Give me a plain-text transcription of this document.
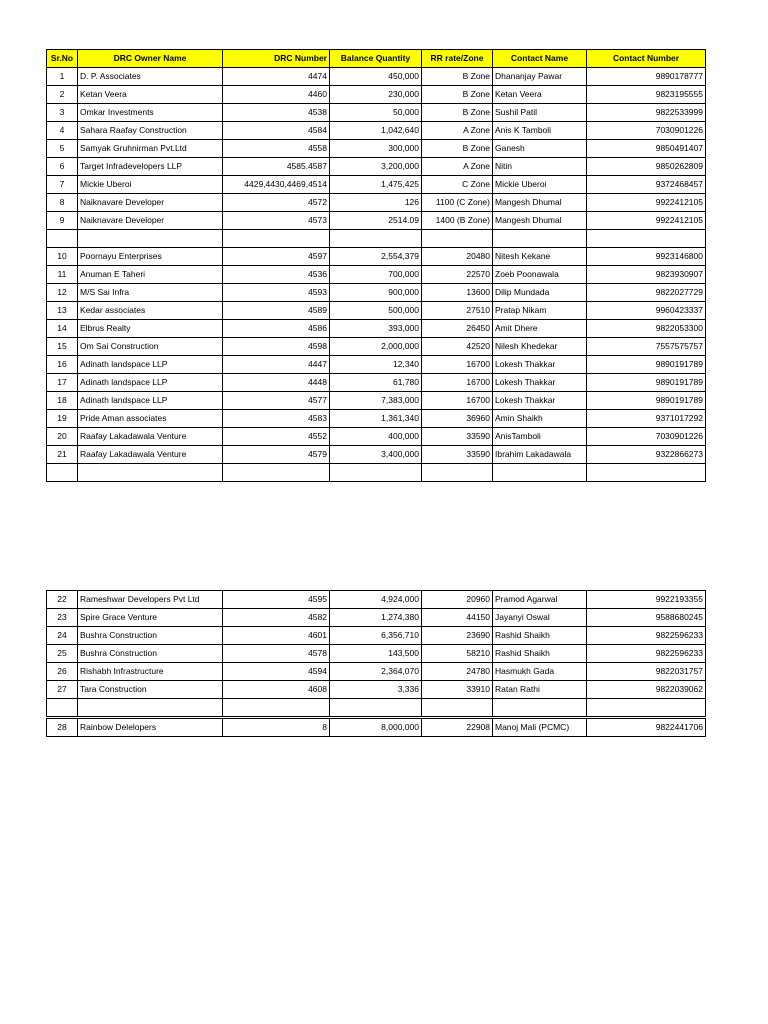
Sr.No	DRC Owner Name	DRC Number	Balance Quantity	RR rate/Zone	Contact Name	Contact Number
1	D. P. Associates	4474	450,000	B Zone	Dhananjay Pawar	9890178777
2	Ketan Veera	4460	230,000	B Zone	Ketan Veera	9823195555
3	Omkar Investments	4538	50,000	B Zone	Sushil Patil	9822533999
4	Sahara Raafay Construction	4584	1,042,640	A Zone	Anis K Tamboli	7030901226
5	Samyak Gruhnirman Pvt.Ltd	4558	300,000	B Zone	Ganesh	9850491407
6	Target Infradevelopers LLP	4585.4587	3,200,000	A Zone	Nitin	9850262809
7	Mickie Uberoi	4429,4430,4469,4514	1,475,425	C Zone	Mickie Uberoi	9372468457
8	Naiknavare Developer	4572	126	1100 (C Zone)	Mangesh Dhumal	9922412105
9	Naiknavare Developer	4573	2514.09	1400 (B Zone)	Mangesh Dhumal	9922412105

10	Poornayu Enterprises	4597	2,554,379	20480	Nitesh Kekane	9923146800
11	Anuman E Taheri	4536	700,000	22570	Zoeb Poonawala	9823930907
12	M/S Sai Infra	4593	900,000	13600	Dilip Mundada	9822027729
13	Kedar associates	4589	500,000	27510	Pratap Nikam	9960423337
14	Elbrus Realty	4586	393,000	26450	Amit Dhere	9822053300
15	Om Sai Construction	4598	2,000,000	42520	Nilesh Khedekar	7557575757
16	Adinath landspace LLP	4447	12,340	16700	Lokesh Thakkar	9890191789
17	Adinath landspace LLP	4448	61,780	16700	Lokesh Thakkar	9890191789
18	Adinath landspace LLP	4577	7,383,000	16700	Lokesh Thakkar	9890191789
19	Pride Aman associates	4583	1,361,340	36960	Amin Shaikh	9371017292
20	Raafay Lakadawala Venture	4552	400,000	33590	AnisTamboli	7030901226
21	Raafay Lakadawala Venture	4579	3,400,000	33590	Ibrahim Lakadawala	9322866273

22	Rameshwar Developers Pvt Ltd	4595	4,924,000	20960	Pramod Agarwal	9922193355
23	Spire Grace Venture	4582	1,274,380	44150	Jayanyi Oswal	9588680245
24	Bushra Construction	4601	6,356,710	23690	Rashid Shaikh	9822596233
25	Bushra Construction	4578	143,500	58210	Rashid Shaikh	9822596233
26	Rishabh Infrastructure	4594	2,364,070	24780	Hasmukh Gada	9822031757
27	Tara Construction	4608	3,336	33910	Ratan Rathi	9822039062

28	Rainbow Delelopers	8	8,000,000	22908	Manoj Mali (PCMC)	9822441706
